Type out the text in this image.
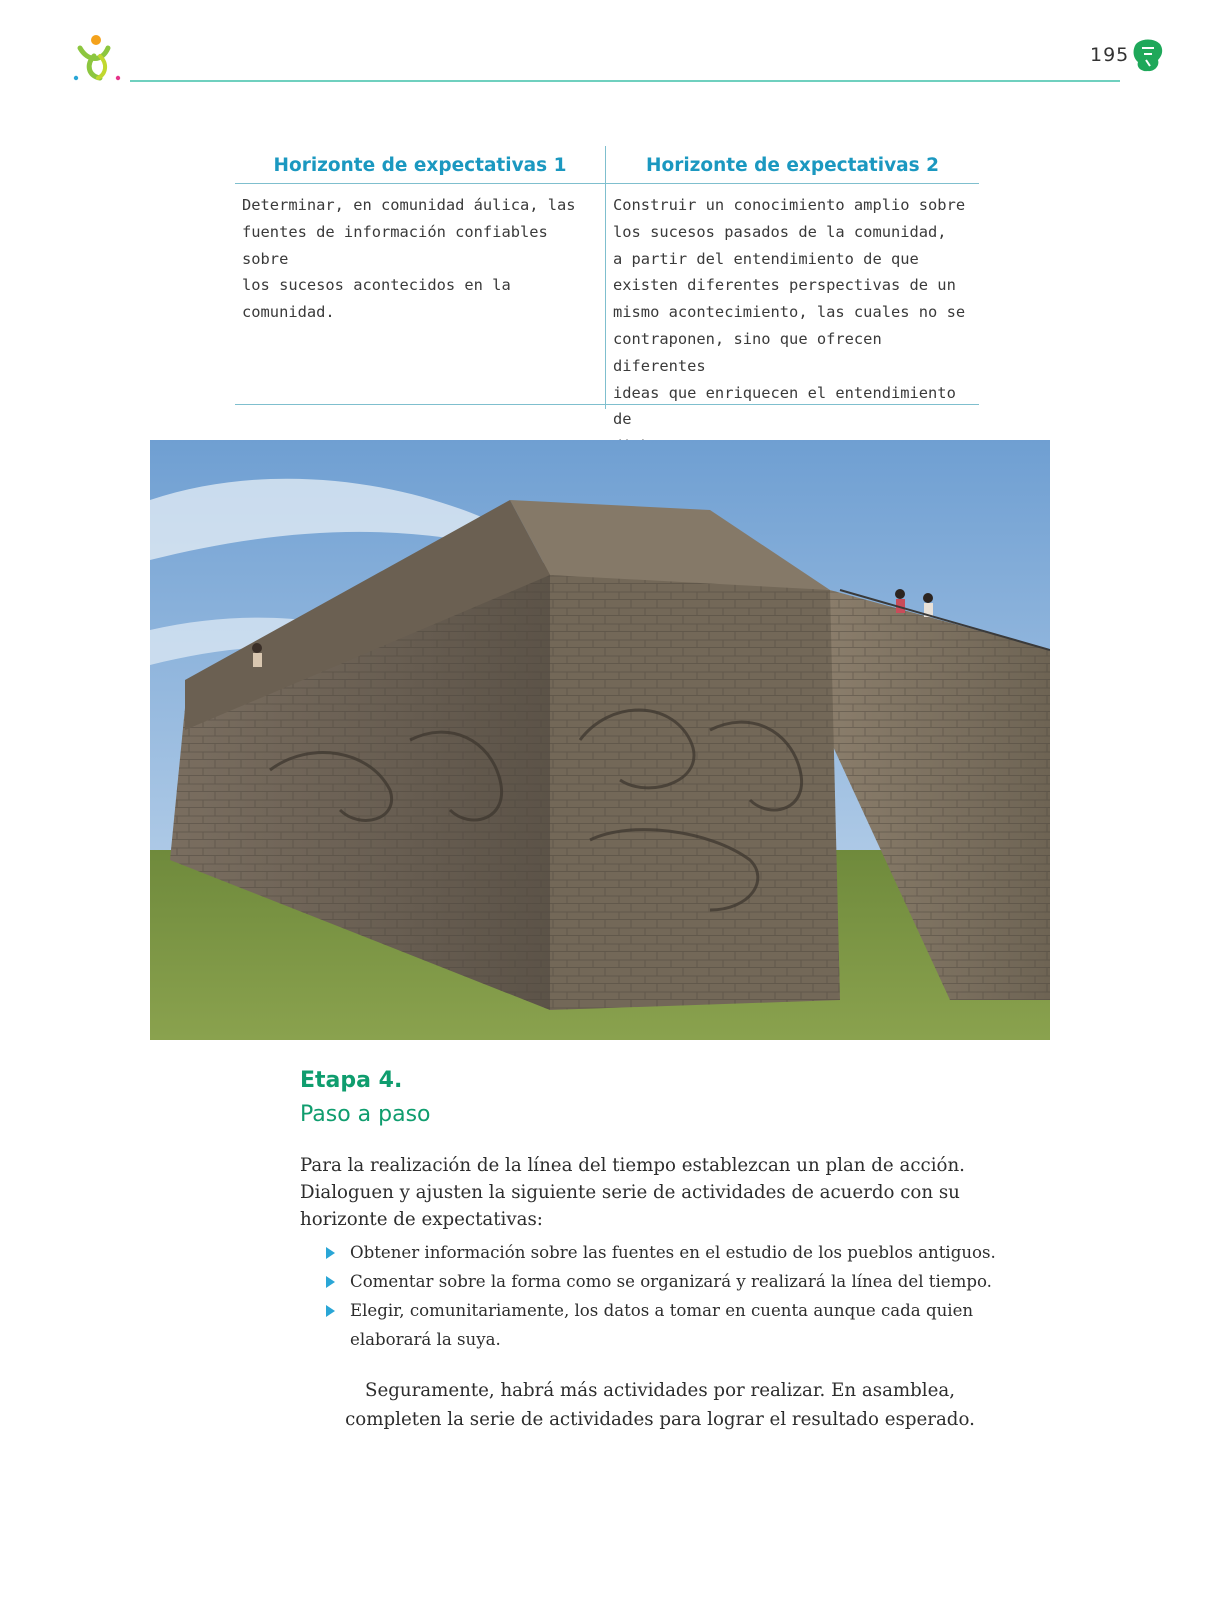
195
Horizonte de expectativas 1
Determinar, en comunidad áulica, las
fuentes de información confiables sobre
los sucesos acontecidos en la comunidad.
Horizonte de expectativas 2
Construir un conocimiento amplio sobre
los sucesos pasados de la comunidad,
a partir del entendimiento de que
existen diferentes perspectivas de un
mismo acontecimiento, las cuales no se
contraponen, sino que ofrecen diferentes
ideas que enriquecen el entendimiento de
Etapa 4.
Paso a paso
Para la realización de la línea del tiempo establezcan un plan de acción.
Dialoguen y ajusten la siguiente serie de actividades de acuerdo con su
horizonte de expectativas:
Obtener información sobre las fuentes en el estudio de los pueblos antiguos.
Comentar sobre la forma como se organizará y realizará la línea del tiempo.
Elegir, comunitariamente, los datos a tomar en cuenta aunque cada quien
elaborará la suya.
Seguramente, habrá más actividades por realizar. En asamblea,
completen la serie de actividades para lograr el resultado esperado.
